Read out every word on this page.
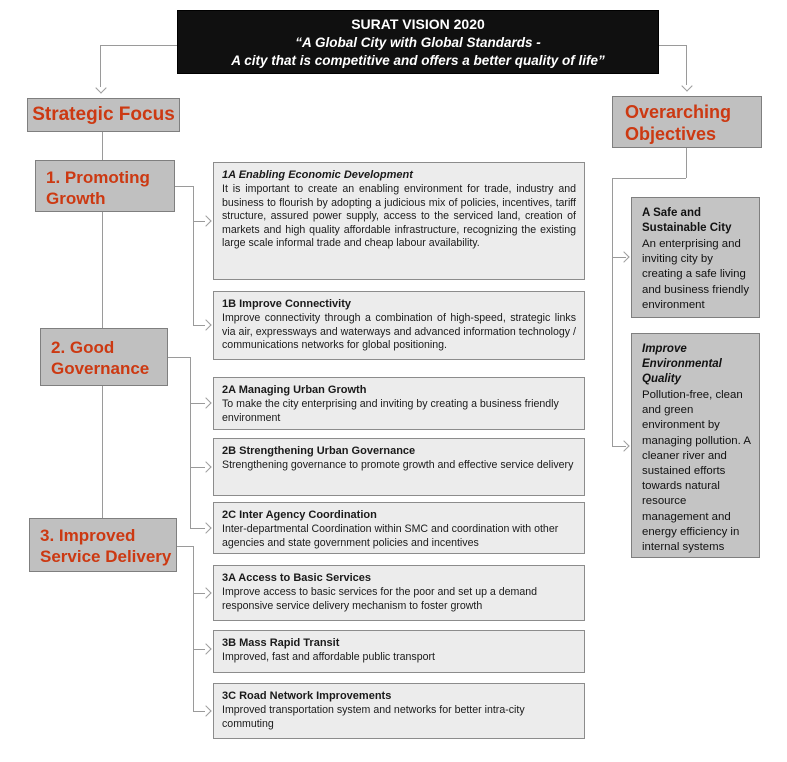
SURAT VISION 2020
“A Global City with Global Standards -
A city that is competitive and offers a better quality of life”
Strategic Focus
1. Promoting Growth
2. Good Governance
3. Improved Service Delivery
Overarching Objectives
1A Enabling Economic Development
It is important to create an enabling environment for trade, industry and business to flourish by adopting a judicious mix of policies, incentives, tariff structure, assured power supply, access to the serviced land, creation of markets and high quality affordable infrastructure, recognizing the existing large scale informal trade and cheap labour availability.
1B Improve Connectivity
Improve connectivity through a combination of high-speed, strategic links via air, expressways and waterways and advanced information technology / communications networks for global positioning.
2A Managing Urban Growth
To make the city enterprising and inviting by creating a business friendly environment
2B Strengthening Urban Governance
Strengthening governance to promote growth and effective service delivery
2C Inter Agency Coordination
Inter-departmental Coordination within SMC and coordination with other agencies and state government policies and incentives
3A Access to Basic Services
Improve access to basic services for the poor and set up a demand responsive service delivery mechanism to foster growth
3B Mass Rapid Transit
Improved, fast and affordable public transport
3C Road Network Improvements
Improved transportation system and networks for better intra-city commuting
A Safe and Sustainable City
An enterprising and inviting city by creating a safe living and business friendly environment
Improve Environmental Quality
Pollution-free, clean and green environment by managing pollution. A cleaner river and sustained efforts towards natural resource management and energy efficiency in internal systems
